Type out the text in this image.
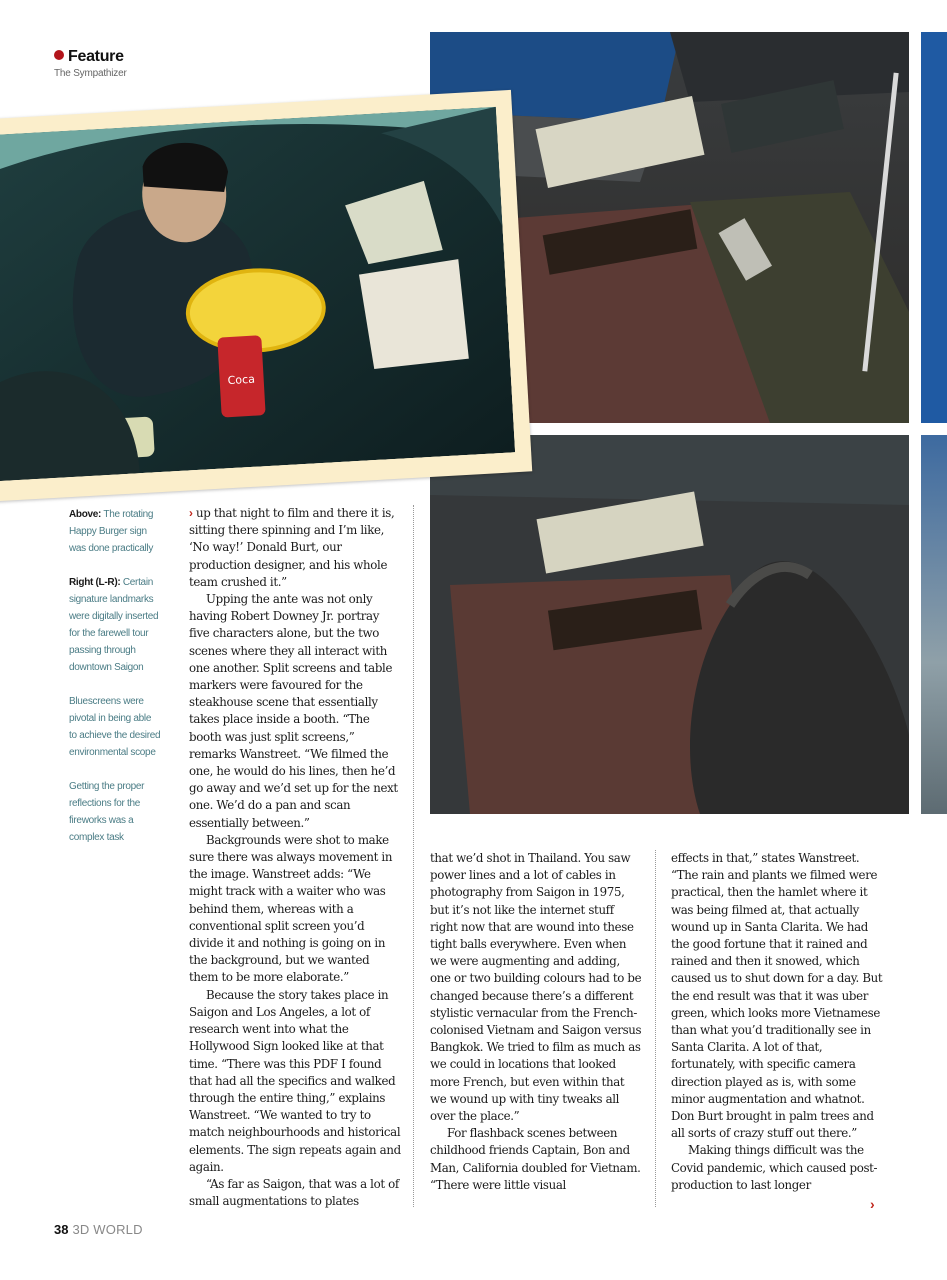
Feature
The Sympathizer
Coca

Above: The rotating Happy Burger sign was done practically

Right (L-R): Certain signature landmarks were digitally inserted for the farewell tour passing through downtown Saigon

Bluescreens were pivotal in being able to achieve the desired environmental scope

Getting the proper reflections for the fireworks was a complex task

› up that night to film and there it is, sitting there spinning and I’m like, ‘No way!’ Donald Burt, our production designer, and his whole team crushed it.”

Upping the ante was not only having Robert Downey Jr. portray five characters alone, but the two scenes where they all interact with one another. Split screens and table markers were favoured for the steakhouse scene that essentially takes place inside a booth. “The booth was just split screens,” remarks Wanstreet. “We filmed the one, he would do his lines, then he’d go away and we’d set up for the next one. We’d do a pan and scan essentially between.”

Backgrounds were shot to make sure there was always movement in the image. Wanstreet adds: “We might track with a waiter who was behind them, whereas with a conventional split screen you’d divide it and nothing is going on in the background, but we wanted them to be more elaborate.”

Because the story takes place in Saigon and Los Angeles, a lot of research went into what the Hollywood Sign looked like at that time. “There was this PDF I found that had all the specifics and walked through the entire thing,” explains Wanstreet. “We wanted to try to match neighbourhoods and historical elements. The sign repeats again and again.

“As far as Saigon, that was a lot of small augmentations to plates

that we’d shot in Thailand. You saw power lines and a lot of cables in photography from Saigon in 1975, but it’s not like the internet stuff right now that are wound into these tight balls everywhere. Even when we were augmenting and adding, one or two building colours had to be changed because there’s a different stylistic vernacular from the French-colonised Vietnam and Saigon versus Bangkok. We tried to film as much as we could in locations that looked more French, but even within that we wound up with tiny tweaks all over the place.”

For flashback scenes between childhood friends Captain, Bon and Man, California doubled for Vietnam. “There were little visual

effects in that,” states Wanstreet. “The rain and plants we filmed were practical, then the hamlet where it was being filmed at, that actually wound up in Santa Clarita. We had the good fortune that it rained and rained and then it snowed, which caused us to shut down for a day. But the end result was that it was uber green, which looks more Vietnamese than what you’d traditionally see in Santa Clarita. A lot of that, fortunately, with specific camera direction played as is, with some minor augmentation and whatnot. Don Burt brought in palm trees and all sorts of crazy stuff out there.”

Making things difficult was the Covid pandemic, which caused post-production to last longer

›
38 3D WORLD
